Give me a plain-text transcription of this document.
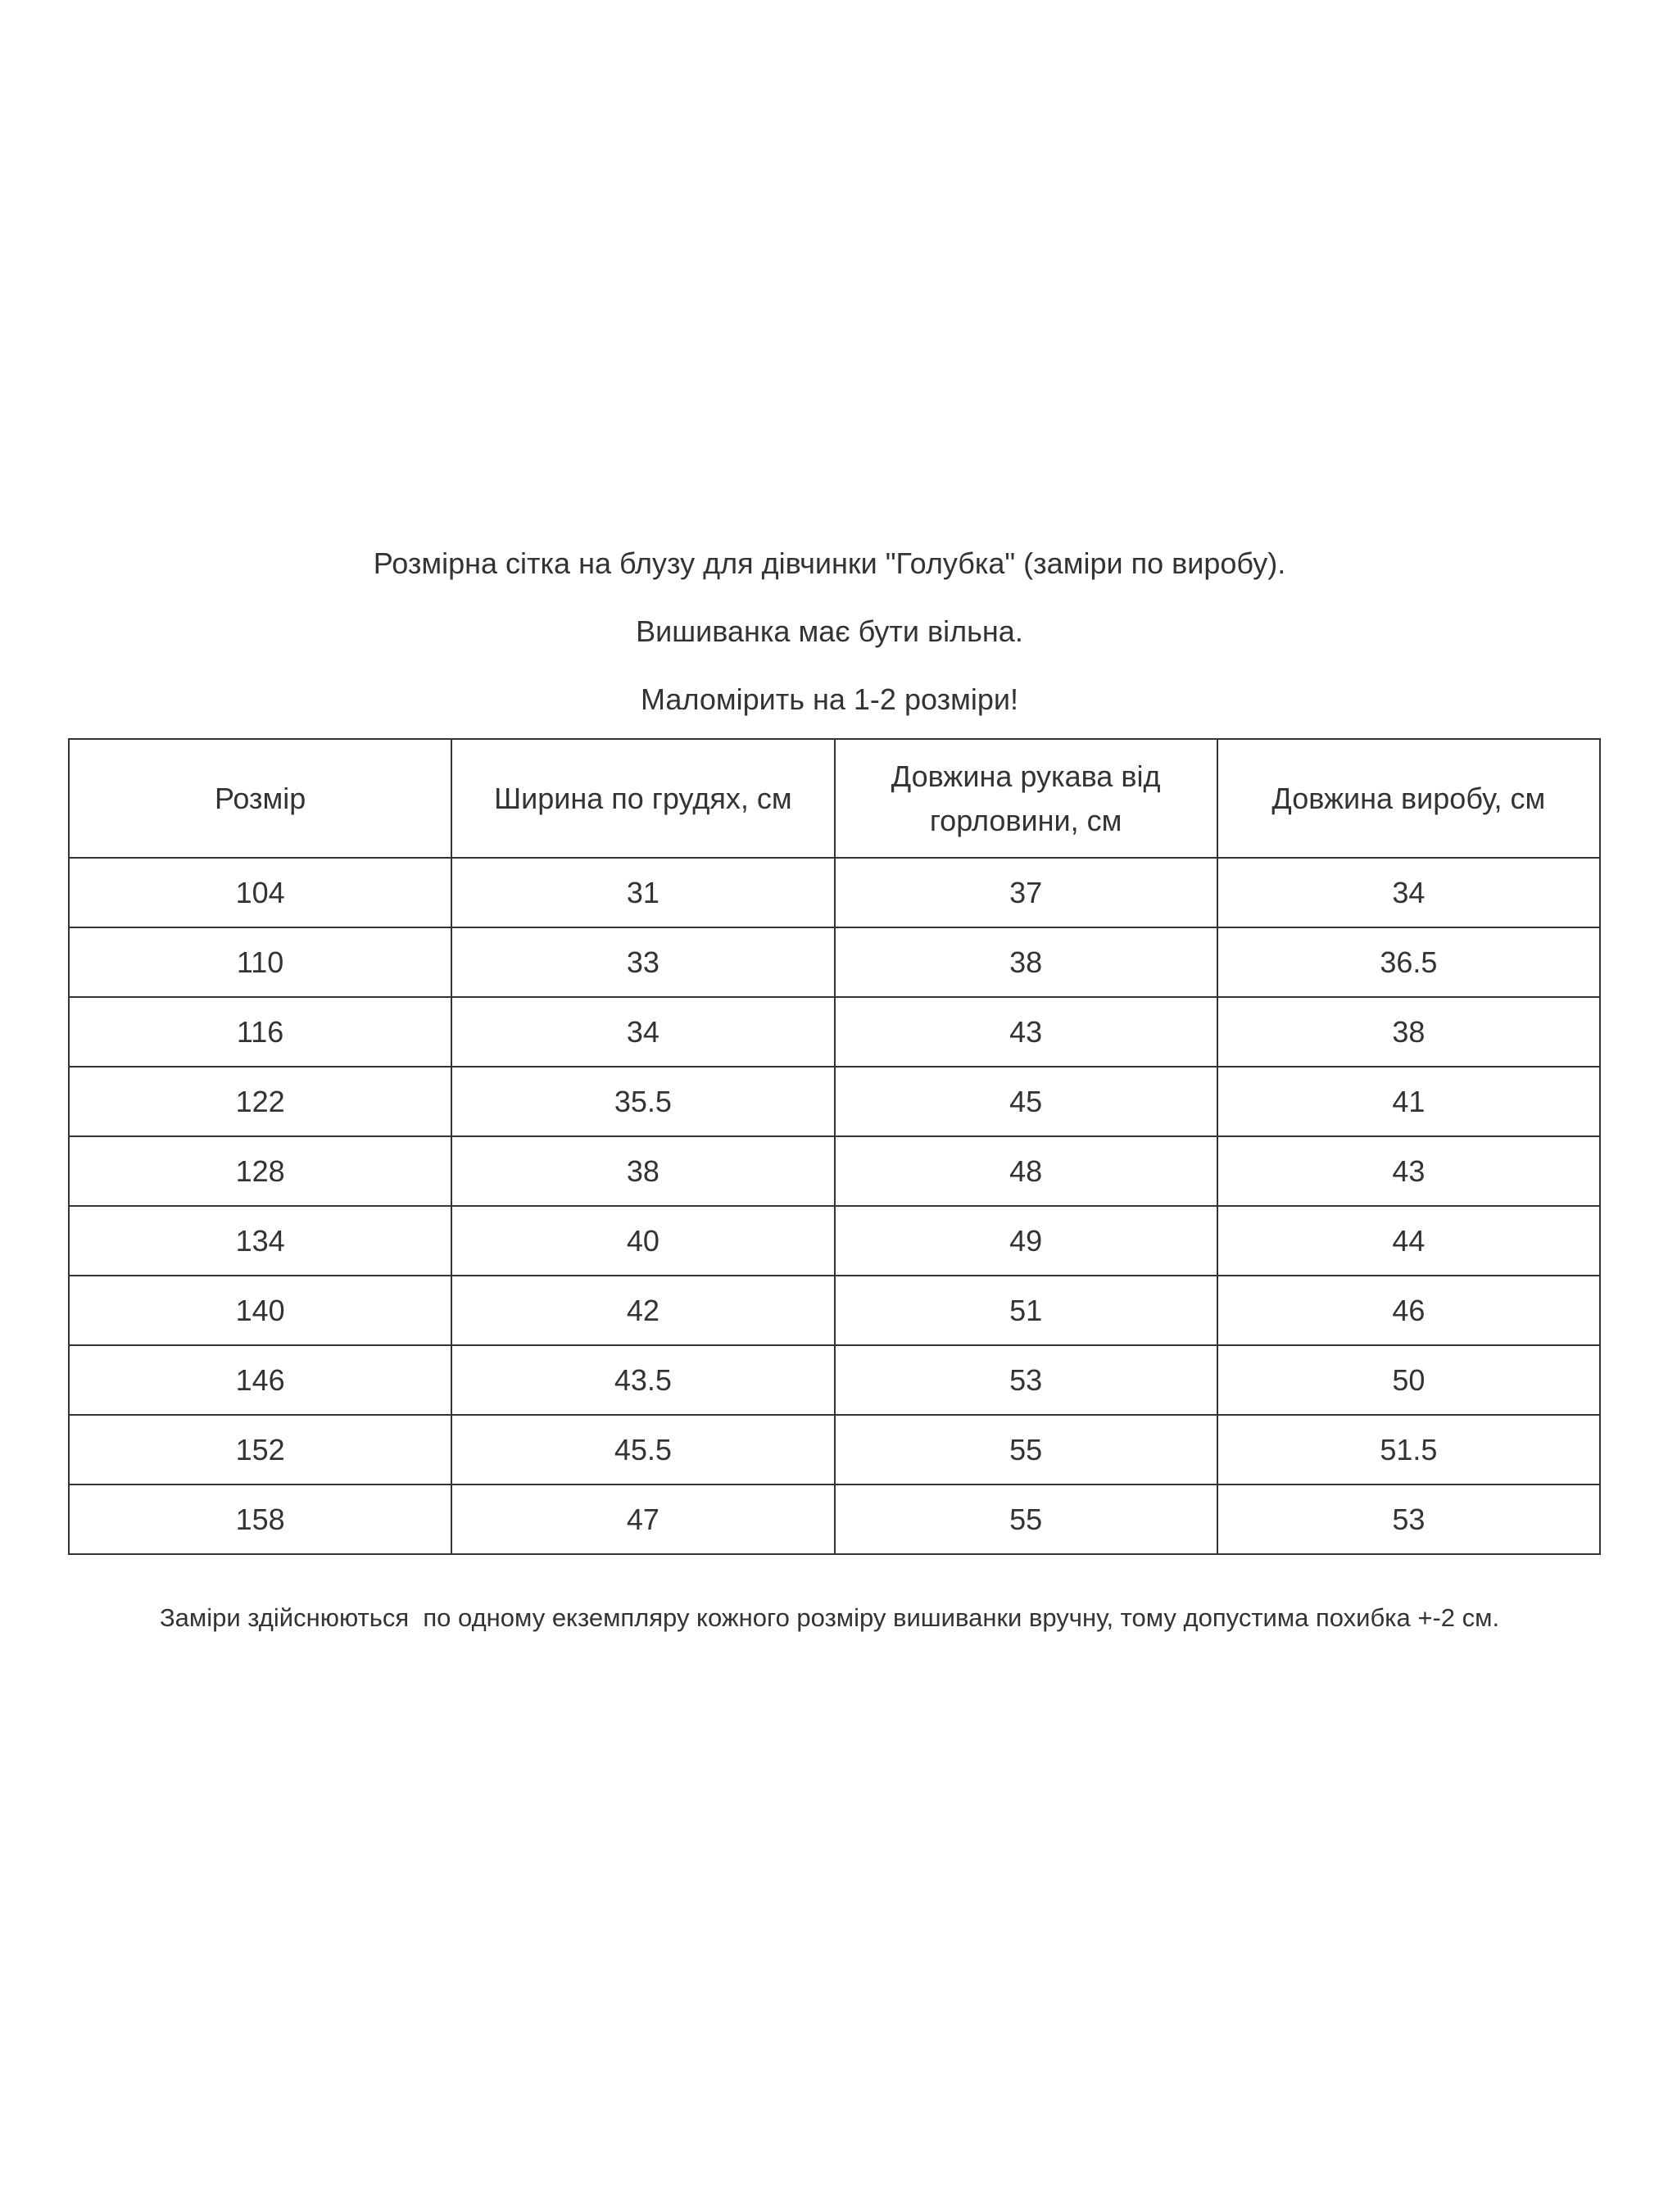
Розмірна сітка на блузу для дівчинки "Голубка" (заміри по виробу).
Вишиванка має бути вільна.
Маломірить на 1-2 розміри!
Розмір	Ширина по грудях, см	Довжина рукава від горловини, см	Довжина виробу, см
104	31	37	34
110	33	38	36.5
116	34	43	38
122	35.5	45	41
128	38	48	43
134	40	49	44
140	42	51	46
146	43.5	53	50
152	45.5	55	51.5
158	47	55	53
Заміри здійснюються  по одному екземпляру кожного розміру вишиванки вручну, тому допустима похибка +-2 см.
